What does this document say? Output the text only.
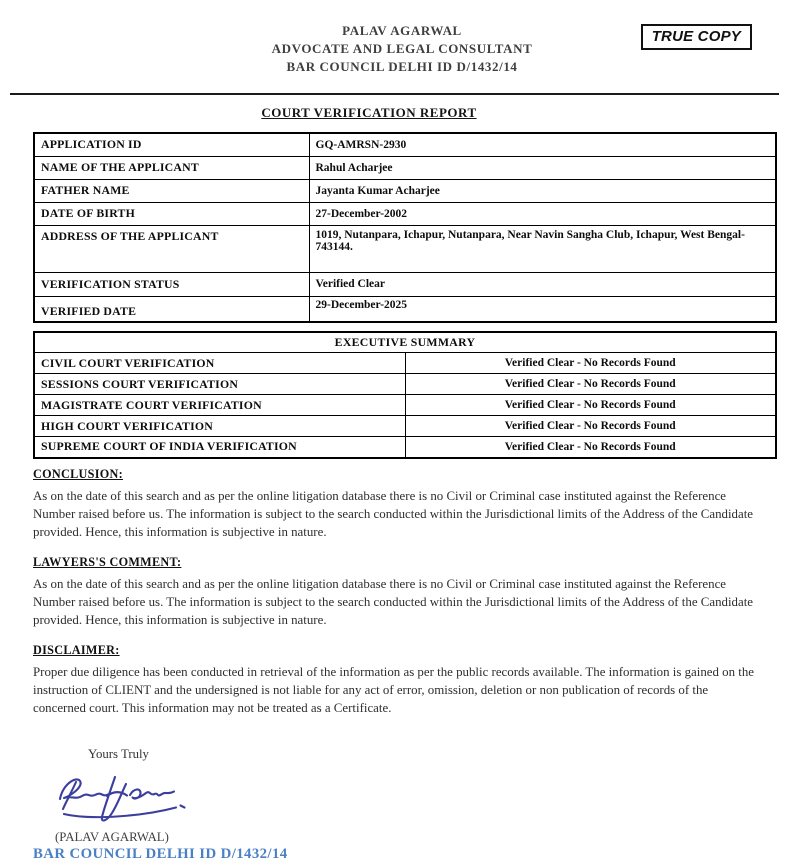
PALAV AGARWAL
ADVOCATE AND LEGAL CONSULTANT
BAR COUNCIL DELHI ID D/1432/14
TRUE COPY
COURT VERIFICATION REPORT
APPLICATION ID	GQ-AMRSN-2930
NAME OF THE APPLICANT	Rahul Acharjee
FATHER NAME	Jayanta Kumar Acharjee
DATE OF BIRTH	27-December-2002
ADDRESS OF THE APPLICANT	1019, Nutanpara, Ichapur, Nutanpara, Near Navin Sangha Club, Ichapur, West Bengal-743144.
VERIFICATION STATUS	Verified Clear
VERIFIED DATE	29-December-2025
EXECUTIVE SUMMARY	
CIVIL COURT VERIFICATION	Verified Clear - No Records Found
SESSIONS COURT VERIFICATION	Verified Clear - No Records Found
MAGISTRATE COURT VERIFICATION	Verified Clear - No Records Found
HIGH COURT VERIFICATION	Verified Clear - No Records Found
SUPREME COURT OF INDIA VERIFICATION	Verified Clear - No Records Found
CONCLUSION:
As on the date of this search and as per the online litigation database there is no Civil or Criminal case instituted against the Reference Number raised before us. The information is subject to the search conducted within the Jurisdictional limits of the Address of the Candidate provided. Hence, this information is subjective in nature.
LAWYERS'S COMMENT:
As on the date of this search and as per the online litigation database there is no Civil or Criminal case instituted against the Reference Number raised before us. The information is subject to the search conducted within the Jurisdictional limits of the Address of the Candidate provided. Hence, this information is subjective in nature.
DISCLAIMER:
Proper due diligence has been conducted in retrieval of the information as per the public records available. The information is gained on the instruction of CLIENT and the undersigned is not liable for any act of error, omission, deletion or non publication of records of the concerned court. This information may not be treated as a Certificate.
Yours Truly
(PALAV AGARWAL)
BAR COUNCIL DELHI ID D/1432/14
